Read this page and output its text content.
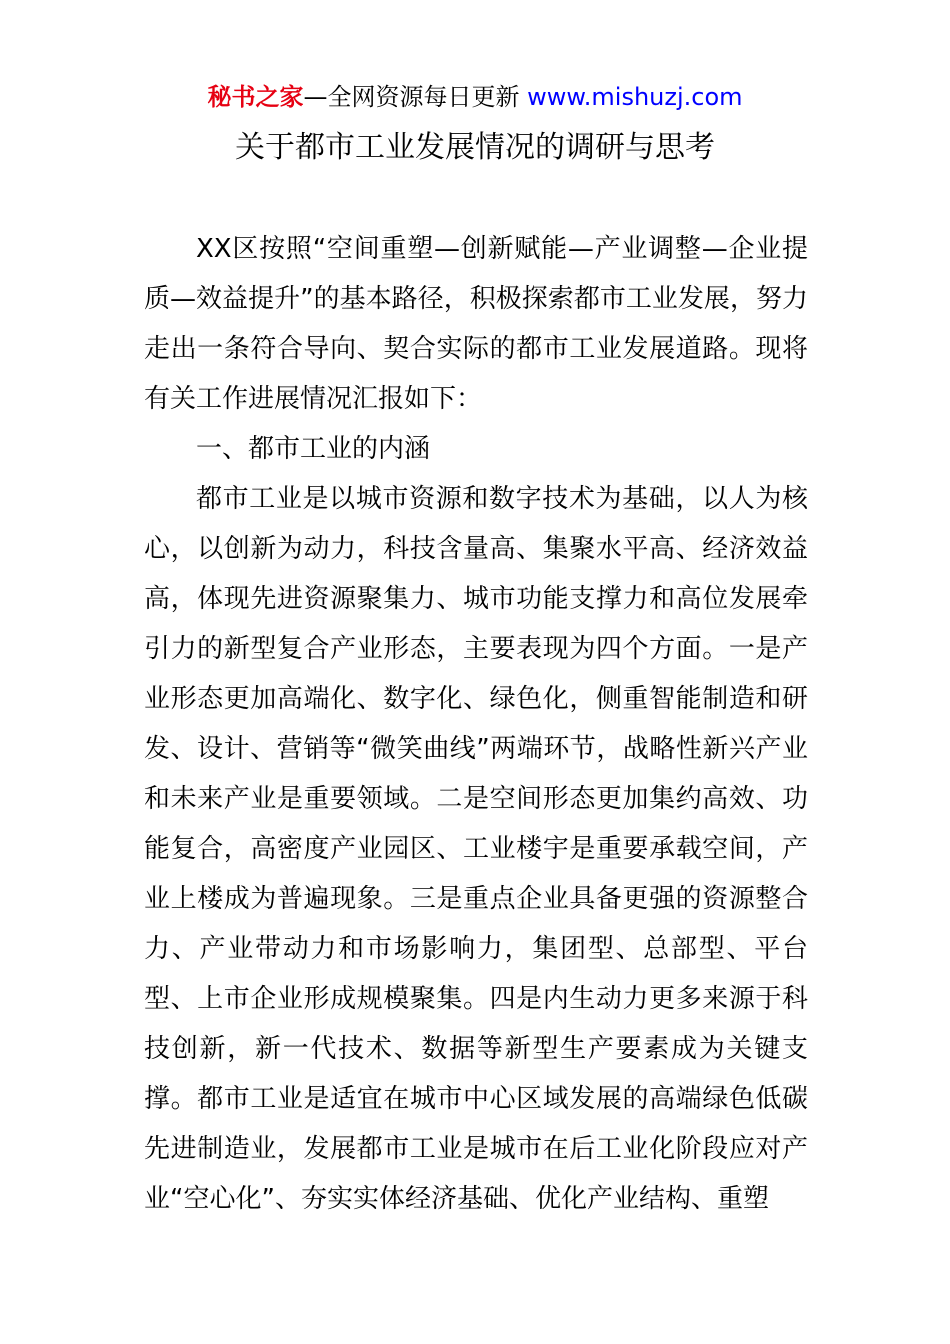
秘书之家—全网资源每日更新 www.mishuzj.com
关于都市工业发展情况的调研与思考

XX区按照“空间重塑—创新赋能—产业调整—企业提质—效益提升”的基本路径，积极探索都市工业发展，努力走出一条符合导向、契合实际的都市工业发展道路。现将有关工作进展情况汇报如下：

一、都市工业的内涵

都市工业是以城市资源和数字技术为基础，以人为核心，以创新为动力，科技含量高、集聚水平高、经济效益高，体现先进资源聚集力、城市功能支撑力和高位发展牵引力的新型复合产业形态，主要表现为四个方面。一是产业形态更加高端化、数字化、绿色化，侧重智能制造和研发、设计、营销等“微笑曲线”两端环节，战略性新兴产业和未来产业是重要领域。二是空间形态更加集约高效、功能复合，高密度产业园区、工业楼宇是重要承载空间，产业上楼成为普遍现象。三是重点企业具备更强的资源整合力、产业带动力和市场影响力，集团型、总部型、平台型、上市企业形成规模聚集。四是内生动力更多来源于科技创新，新一代技术、数据等新型生产要素成为关键支撑。都市工业是适宜在城市中心区域发展的高端绿色低碳先进制造业，发展都市工业是城市在后工业化阶段应对产业“空心化”、夯实实体经济基础、优化产业结构、重塑
